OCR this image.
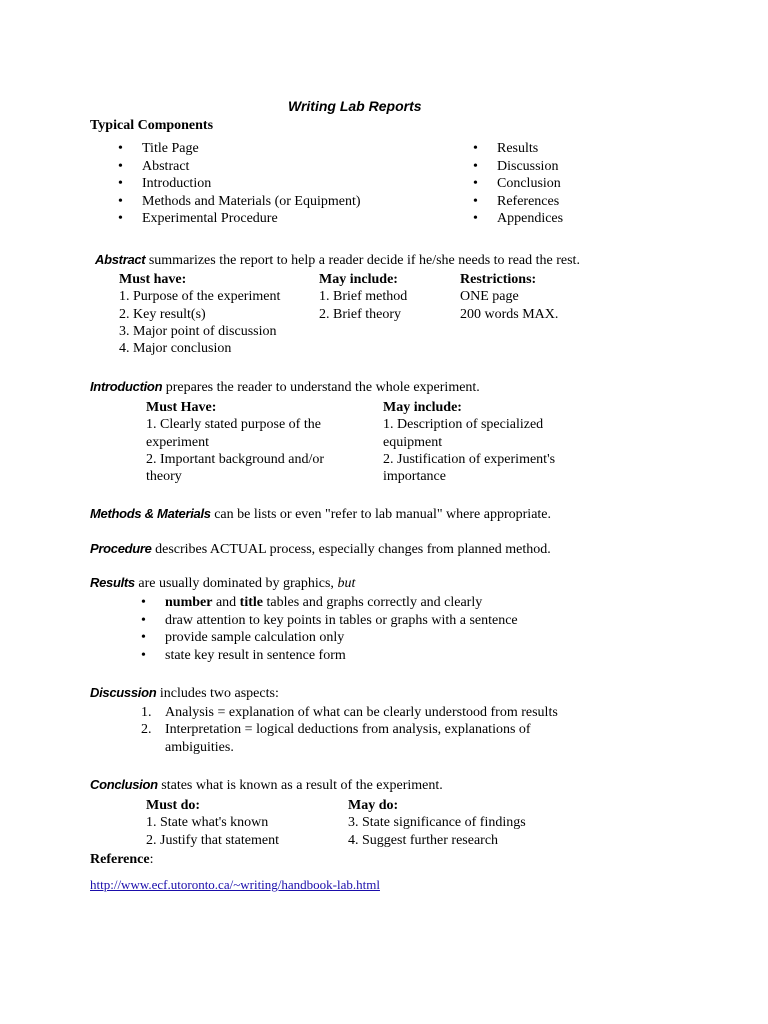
Writing Lab Reports
Typical Components
• Title Page
• Abstract
• Introduction
• Methods and Materials (or Equipment)
• Experimental Procedure
• Results
• Discussion
• Conclusion
• References
• Appendices
Abstract summarizes the report to help a reader decide if he/she needs to read the rest.
Must have:
1. Purpose of the experiment
2. Key result(s)
3. Major point of discussion
4. Major conclusion
May include:
1. Brief method
2. Brief theory
Restrictions:
ONE page
200 words MAX.
Introduction prepares the reader to understand the whole experiment.
Must Have:
1. Clearly stated purpose of the
experiment
2. Important background and/or
theory
May include:
1. Description of specialized
equipment
2. Justification of experiment's
importance
Methods & Materials can be lists or even "refer to lab manual" where appropriate.
Procedure describes ACTUAL process, especially changes from planned method.
Results are usually dominated by graphics, but
• number and title tables and graphs correctly and clearly
• draw attention to key points in tables or graphs with a sentence
• provide sample calculation only
• state key result in sentence form
Discussion includes two aspects:
1. Analysis = explanation of what can be clearly understood from results
2. Interpretation = logical deductions from analysis, explanations of
ambiguities.
Conclusion states what is known as a result of the experiment.
Must do:
1. State what's known
2. Justify that statement
May do:
3. State significance of findings
4. Suggest further research
Reference:
http://www.ecf.utoronto.ca/~writing/handbook-lab.html
